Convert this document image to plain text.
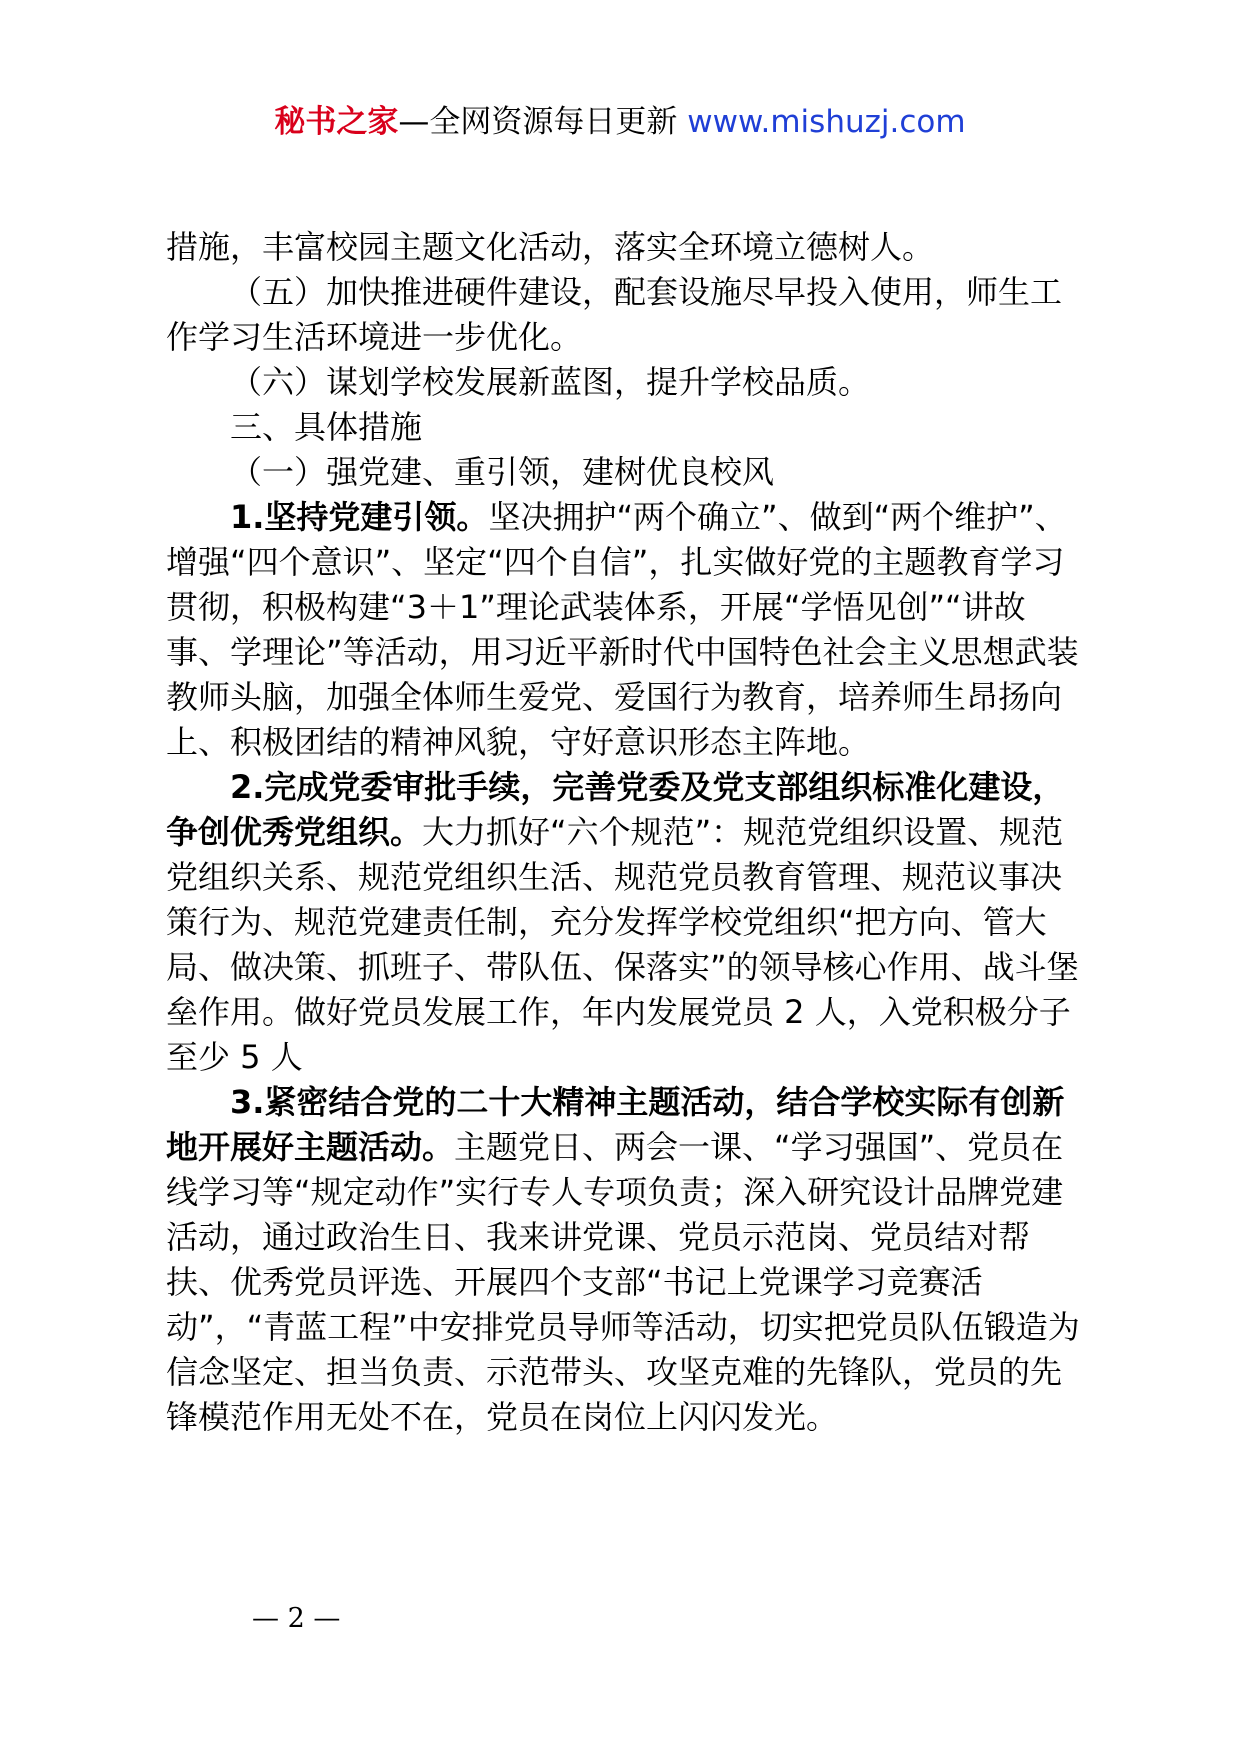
秘书之家—全网资源每日更新 www.mishuzj.com

措施，丰富校园主题文化活动，落实全环境立德树人。

（五）加快推进硬件建设，配套设施尽早投入使用，师生工作学习生活环境进一步优化。

（六）谋划学校发展新蓝图，提升学校品质。

三、具体措施

（一）强党建、重引领，建树优良校风

1.坚持党建引领。坚决拥护“两个确立”、做到“两个维护”、增强“四个意识”、坚定“四个自信”，扎实做好党的主题教育学习贯彻，积极构建“3＋1”理论武装体系，开展“学悟见创”“讲故事、学理论”等活动，用习近平新时代中国特色社会主义思想武装教师头脑，加强全体师生爱党、爱国行为教育，培养师生昂扬向上、积极团结的精神风貌，守好意识形态主阵地。

2.完成党委审批手续，完善党委及党支部组织标准化建设，争创优秀党组织。大力抓好“六个规范”：规范党组织设置、规范党组织关系、规范党组织生活、规范党员教育管理、规范议事决策行为、规范党建责任制，充分发挥学校党组织“把方向、管大局、做决策、抓班子、带队伍、保落实”的领导核心作用、战斗堡垒作用。做好党员发展工作，年内发展党员 2 人，入党积极分子至少 5 人

3.紧密结合党的二十大精神主题活动，结合学校实际有创新地开展好主题活动。主题党日、两会一课、“学习强国”、党员在线学习等“规定动作”实行专人专项负责；深入研究设计品牌党建活动，通过政治生日、我来讲党课、党员示范岗、党员结对帮扶、优秀党员评选、开展四个支部“书记上党课学习竞赛活动”，“青蓝工程”中安排党员导师等活动，切实把党员队伍锻造为信念坚定、担当负责、示范带头、攻坚克难的先锋队，党员的先锋模范作用无处不在，党员在岗位上闪闪发光。

— 2 —
